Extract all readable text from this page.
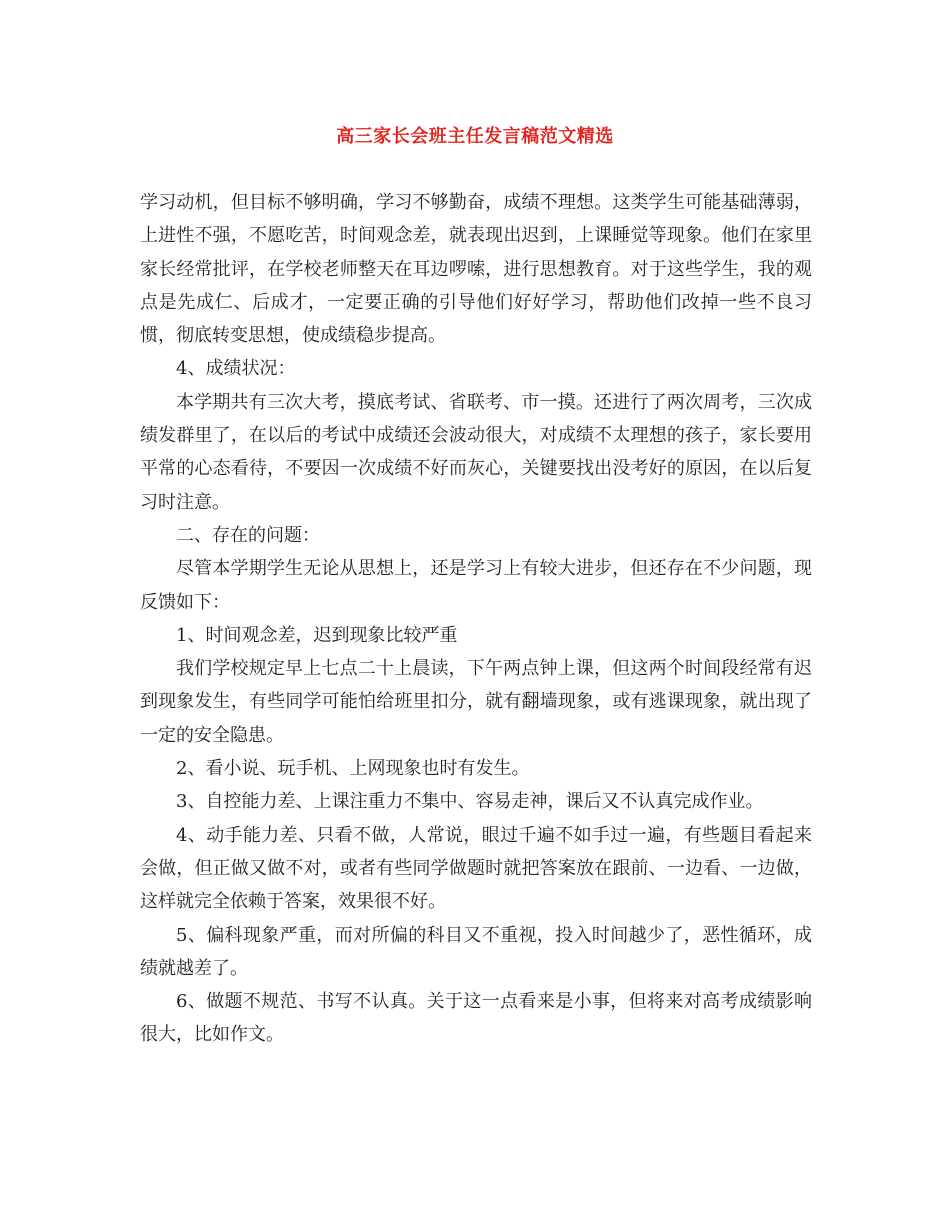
高三家长会班主任发言稿范文精选

学习动机，但目标不够明确，学习不够勤奋，成绩不理想。这类学生可能基础薄弱，上进性不强，不愿吃苦，时间观念差，就表现出迟到，上课睡觉等现象。他们在家里家长经常批评，在学校老师整天在耳边啰嗦，进行思想教育。对于这些学生，我的观点是先成仁、后成才，一定要正确的引导他们好好学习，帮助他们改掉一些不良习惯，彻底转变思想，使成绩稳步提高。

4、成绩状况：

本学期共有三次大考，摸底考试、省联考、市一摸。还进行了两次周考，三次成绩发群里了，在以后的考试中成绩还会波动很大，对成绩不太理想的孩子，家长要用平常的心态看待，不要因一次成绩不好而灰心，关键要找出没考好的原因，在以后复习时注意。

二、存在的问题：

尽管本学期学生无论从思想上，还是学习上有较大进步，但还存在不少问题，现反馈如下：

1、时间观念差，迟到现象比较严重

我们学校规定早上七点二十上晨读，下午两点钟上课，但这两个时间段经常有迟到现象发生，有些同学可能怕给班里扣分，就有翻墙现象，或有逃课现象，就出现了一定的安全隐患。

2、看小说、玩手机、上网现象也时有发生。

3、自控能力差、上课注重力不集中、容易走神，课后又不认真完成作业。

4、动手能力差、只看不做，人常说，眼过千遍不如手过一遍，有些题目看起来会做，但正做又做不对，或者有些同学做题时就把答案放在跟前、一边看、一边做，这样就完全依赖于答案，效果很不好。

5、偏科现象严重，而对所偏的科目又不重视，投入时间越少了，恶性循环，成绩就越差了。

6、做题不规范、书写不认真。关于这一点看来是小事，但将来对高考成绩影响很大，比如作文。
